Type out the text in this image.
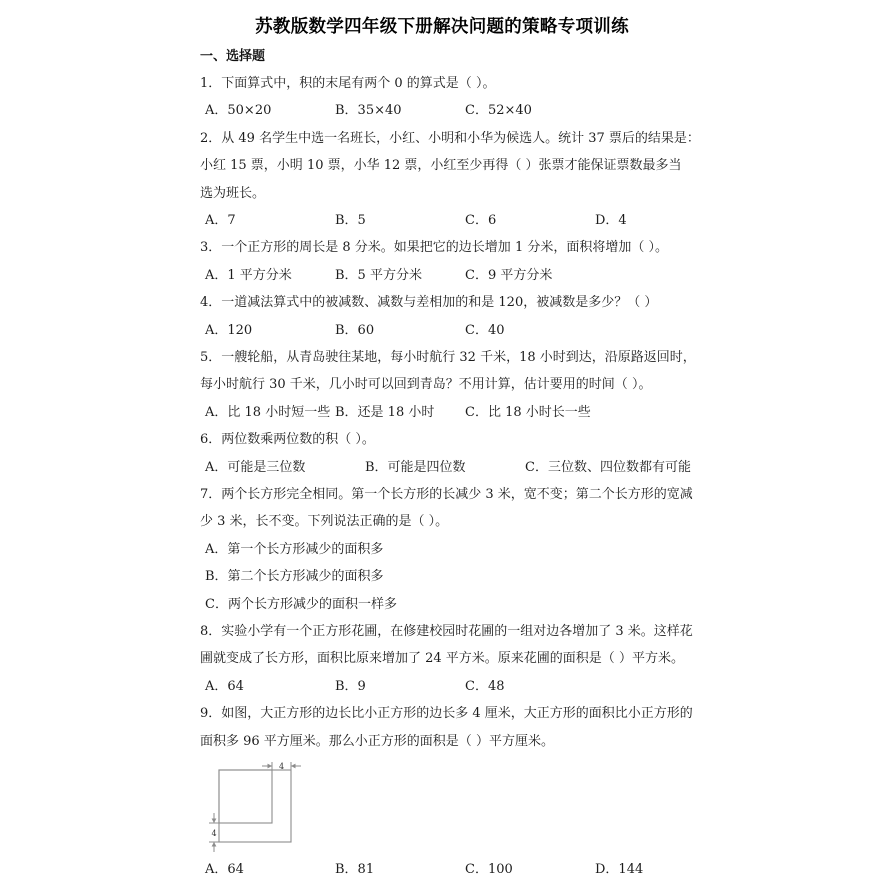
苏教版数学四年级下册解决问题的策略专项训练
一、选择题
1．下面算式中，积的末尾有两个 0 的算式是（ ）。
A．50×20	B．35×40	C．52×40
2．从 49 名学生中选一名班长，小红、小明和小华为候选人。统计 37 票后的结果是：
小红 15 票，小明 10 票，小华 12 票，小红至少再得（ ）张票才能保证票数最多当
选为班长。
A．7	B．5	C．6	D．4
3．一个正方形的周长是 8 分米。如果把它的边长增加 1 分米，面积将增加（ ）。
A．1 平方分米	B．5 平方分米	C．9 平方分米
4．一道减法算式中的被减数、减数与差相加的和是 120，被减数是多少？（ ）
A．120	B．60	C．40
5．一艘轮船，从青岛驶往某地，每小时航行 32 千米，18 小时到达，沿原路返回时，
每小时航行 30 千米，几小时可以回到青岛？不用计算，估计要用的时间（ ）。
A．比 18 小时短一些 B．还是 18 小时 C．比 18 小时长一些
6．两位数乘两位数的积（ ）。
A．可能是三位数	B．可能是四位数	C．三位数、四位数都有可能
7．两个长方形完全相同。第一个长方形的长减少 3 米，宽不变；第二个长方形的宽减
少 3 米，长不变。下列说法正确的是（ ）。
A．第一个长方形减少的面积多
B．第二个长方形减少的面积多
C．两个长方形减少的面积一样多
8．实验小学有一个正方形花圃，在修建校园时花圃的一组对边各增加了 3 米。这样花
圃就变成了长方形，面积比原来增加了 24 平方米。原来花圃的面积是（ ）平方米。
A．64	B．9	C．48
9．如图，大正方形的边长比小正方形的边长多 4 厘米，大正方形的面积比小正方形的
面积多 96 平方厘米。那么小正方形的面积是（ ）平方厘米。
4
4
A．64	B．81	C．100	D．144
